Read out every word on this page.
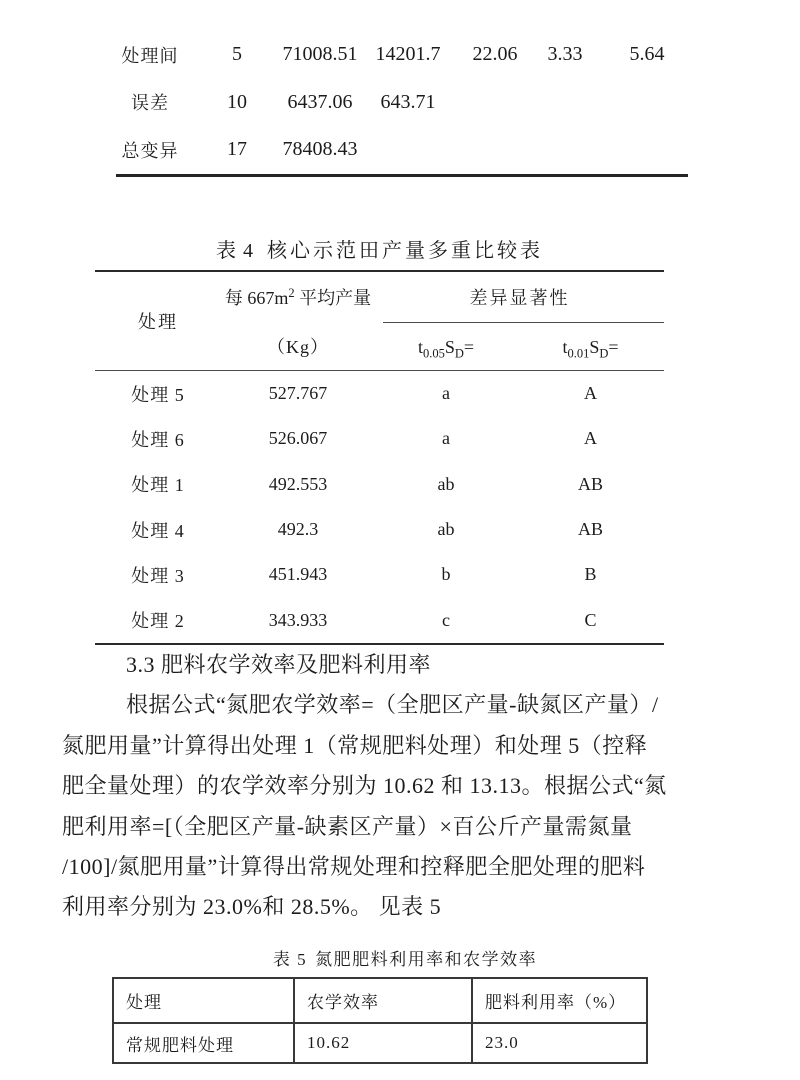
处理间	5 71008.51 14201.7 22.06 3.33 5.64
误差	10 6437.06 643.71
总变异 17 78408.43
表 4 核心示范田产量多重比较表
处理
每 $667m^2$ 平均产量
（Kg）
差异显著性
$t_{0.05}S_D=$	$t_{0.01}S_D=$
处理 5	527.767	a	A
处理 6	526.067	a	A
处理 1	492.553	ab	AB
处理 4	492.3	ab	AB
处理 3	451.943	b	B
处理 2	343.933	c	C
3.3 肥料农学效率及肥料利用率
根据公式“氮肥农学效率=（全肥区产量-缺氮区产量）/
氮肥用量”计算得出处理 1（常规肥料处理）和处理 5（控释
肥全量处理）的农学效率分别为 10.62 和 13.13。根据公式“氮
肥利用率=[（全肥区产量-缺素区产量）×百公斤产量需氮量
/100]/氮肥用量”计算得出常规处理和控释肥全肥处理的肥料
利用率分别为 23.0%和 28.5%。 见表 5
表 5 氮肥肥料利用率和农学效率
处理	农学效率	肥料利用率（%）
常规肥料处理	10.62	23.0
